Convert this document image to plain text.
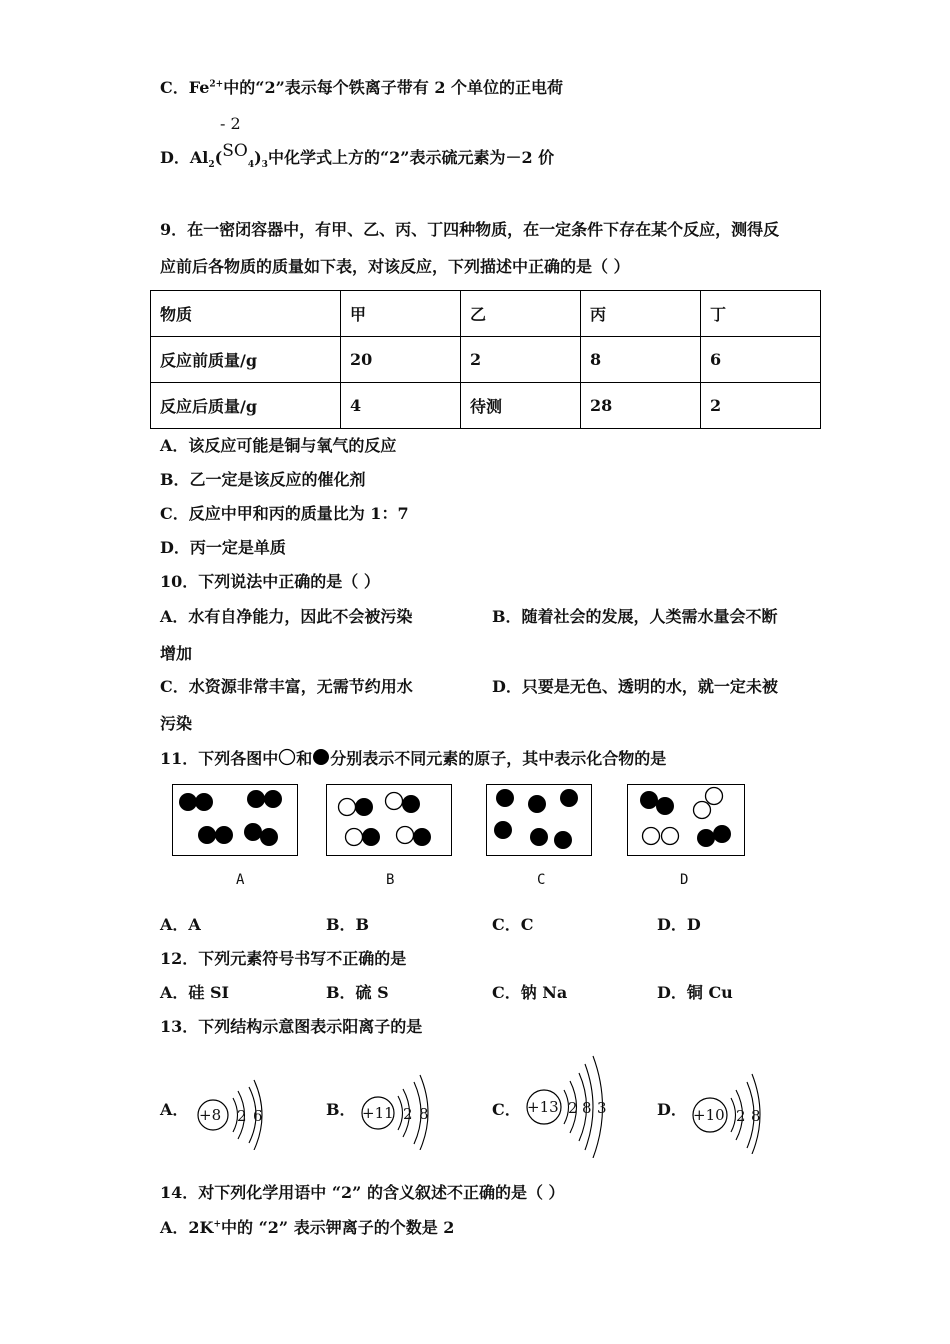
C．$Fe^{2+}$中的“2”表示每个铁离子带有 2 个单位的正电荷
- 2
D．$Al_2(SO_4)_3$中化学式上方的“2”表示硫元素为－2 价
9．在一密闭容器中，有甲、乙、丙、丁四种物质，在一定条件下存在某个反应，测得反
应前后各物质的质量如下表，对该反应，下列描述中正确的是（ ）
物质	甲	乙	丙	丁
反应前质量/g	20	2	8	6
反应后质量/g	4	待测	28	2
A．该反应可能是铜与氧气的反应
B．乙一定是该反应的催化剂
C．反应中甲和丙的质量比为 1：7
D．丙一定是单质
10．下列说法中正确的是（ ）
A．水有自净能力，因此不会被污染	B．随着社会的发展，人类需水量会不断
增加
C．水资源非常丰富，无需节约用水	D．只要是无色、透明的水，就一定未被
污染
11．下列各图中 和 分别表示不同元素的原子，其中表示化合物的是
A	B	C	D
A．A	B．B	C．C	D．D
12．下列元素符号书写不正确的是
A．硅 SI	B．硫 S	C．钠 Na	D．铜 Cu
13．下列结构示意图表示阳离子的是
A． +8 2 6	B． +11 2 8	C． +13 2 8 3	D． +10 2 8
14．对下列化学用语中 “2” 的含义叙述不正确的是（ ）
A．2K+中的 “2” 表示钾离子的个数是 2
